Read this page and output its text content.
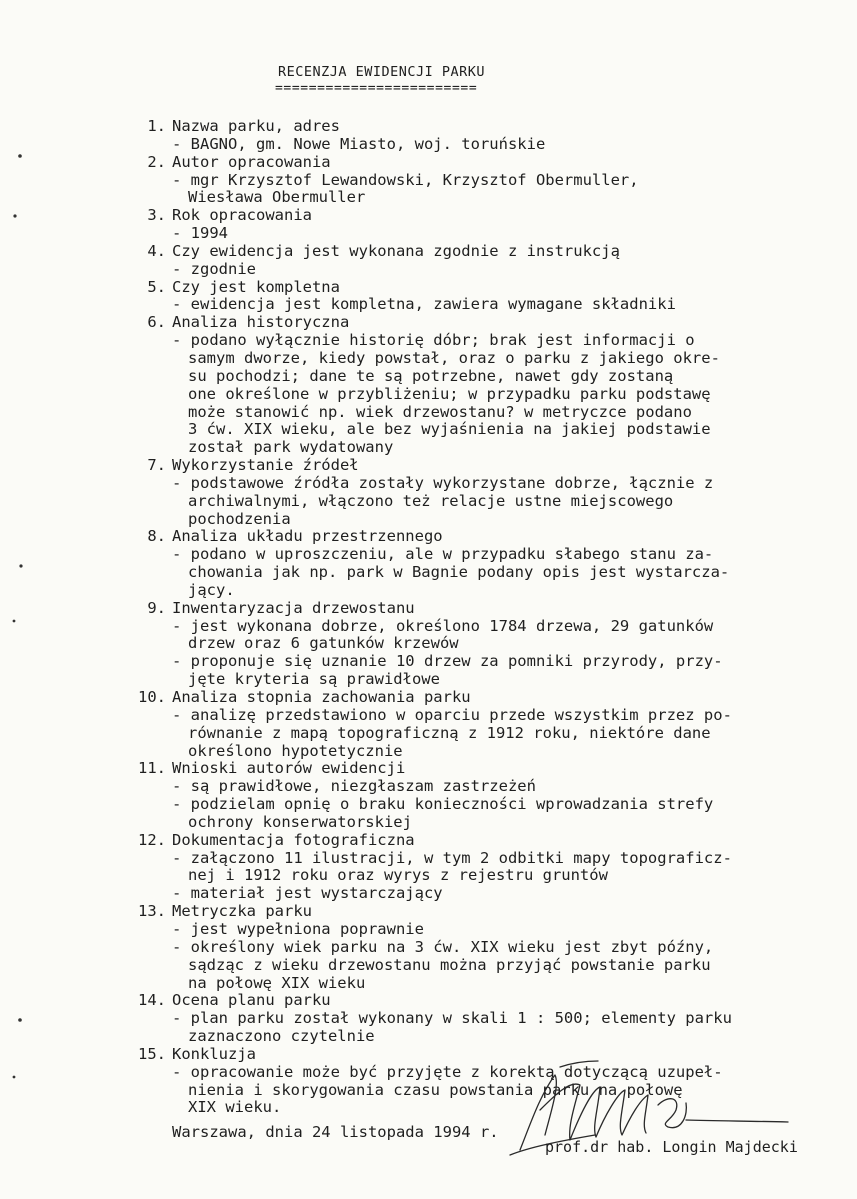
RECENZJA EWIDENCJI PARKU
========================
1. Nazwa parku, adres
- BAGNO, gm. Nowe Miasto, woj. toruńskie
2. Autor opracowania
- mgr Krzysztof Lewandowski, Krzysztof Obermuller,
Wiesława Obermuller
3. Rok opracowania
- 1994
4. Czy ewidencja jest wykonana zgodnie z instrukcją
- zgodnie
5. Czy jest kompletna
- ewidencja jest kompletna, zawiera wymagane składniki
6. Analiza historyczna
- podano wyłącznie historię dóbr; brak jest informacji o
samym dworze, kiedy powstał, oraz o parku z jakiego okre-
su pochodzi; dane te są potrzebne, nawet gdy zostaną
one określone w przybliżeniu; w przypadku parku podstawę
może stanowić np. wiek drzewostanu? w metryczce podano
3 ćw. XIX wieku, ale bez wyjaśnienia na jakiej podstawie
został park wydatowany
7. Wykorzystanie źródeł
- podstawowe źródła zostały wykorzystane dobrze, łącznie z
archiwalnymi, włączono też relacje ustne miejscowego
pochodzenia
8. Analiza układu przestrzennego
- podano w uproszczeniu, ale w przypadku słabego stanu za-
chowania jak np. park w Bagnie podany opis jest wystarcza-
jący.
9. Inwentaryzacja drzewostanu
- jest wykonana dobrze, określono 1784 drzewa, 29 gatunków
drzew oraz 6 gatunków krzewów
- proponuje się uznanie 10 drzew za pomniki przyrody, przy-
jęte kryteria są prawidłowe
10. Analiza stopnia zachowania parku
- analizę przedstawiono w oparciu przede wszystkim przez po-
równanie z mapą topograficzną z 1912 roku, niektóre dane
określono hypotetycznie
11. Wnioski autorów ewidencji
- są prawidłowe, niezgłaszam zastrzeżeń
- podzielam opnię o braku konieczności wprowadzania strefy
ochrony konserwatorskiej
12. Dokumentacja fotograficzna
- załączono 11 ilustracji, w tym 2 odbitki mapy topograficz-
nej i 1912 roku oraz wyrys z rejestru gruntów
- materiał jest wystarczający
13. Metryczka parku
- jest wypełniona poprawnie
- określony wiek parku na 3 ćw. XIX wieku jest zbyt późny,
sądząc z wieku drzewostanu można przyjąć powstanie parku
na połowę XIX wieku
14. Ocena planu parku
- plan parku został wykonany w skali 1 : 500; elementy parku
zaznaczono czytelnie
15. Konkluzja
- opracowanie może być przyjęte z korektą dotyczącą uzupeł-
nienia i skorygowania czasu powstania parku na połowę
XIX wieku.
Warszawa, dnia 24 listopada 1994 r.
prof.dr hab. Longin Majdecki
